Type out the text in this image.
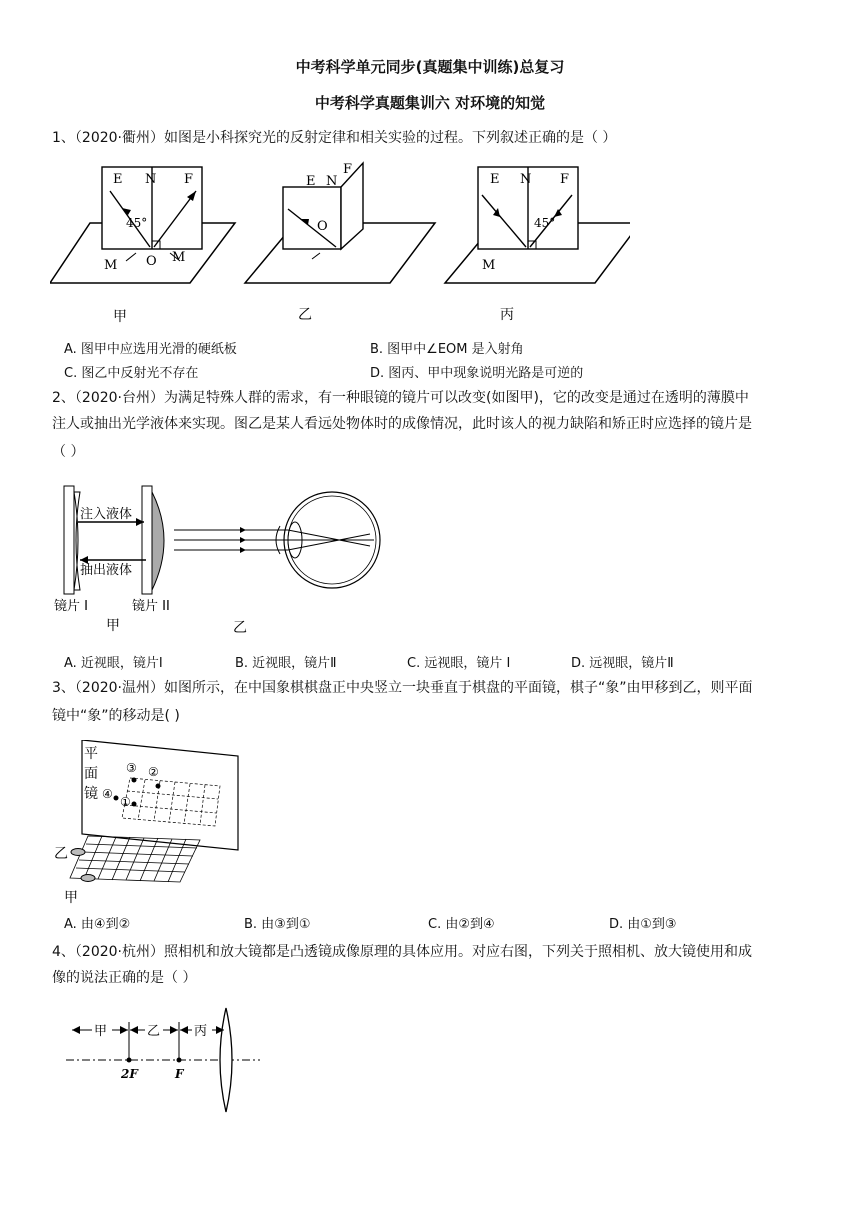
中考科学单元同步(真题集中训练)总复习
中考科学真题集训六 对环境的知觉
1、（2020·衢州）如图是小科探究光的反射定律和相关实验的过程。下列叙述正确的是（ ）
E N F
45°
O
M
M
E N
F
O
E N F
45°
M
甲	乙	丙
A. 图甲中应选用光滑的硬纸板	B. 图甲中∠EOM 是入射角
C. 图乙中反射光不存在	D. 图丙、甲中现象说明光路是可逆的
2、（2020·台州）为满足特殊人群的需求，有一种眼镜的镜片可以改变(如图甲)，它的改变是通过在透明的薄膜中
注人或抽出光学液体来实现。图乙是某人看远处物体时的成像情况，此时该人的视力缺陷和矫正时应选择的镜片是
（ ）
注入液体
抽出液体
镜片 I	镜片 II
甲	乙
A. 近视眼，镜片Ⅰ	B. 近视眼，镜片Ⅱ	C. 远视眼，镜片 I	D. 远视眼，镜片Ⅱ
3、（2020·温州）如图所示，在中国象棋棋盘正中央竖立一块垂直于棋盘的平面镜，棋子“象”由甲移到乙，则平面
镜中“象”的移动是( )
③ ②
④
①
平
面
镜
乙
甲
A. 由④到②	B. 由③到①	C. 由②到④	D. 由①到③
4、（2020·杭州）照相机和放大镜都是凸透镜成像原理的具体应用。对应右图，下列关于照相机、放大镜使用和成
像的说法正确的是（ ）
甲	乙	丙
2F	F
